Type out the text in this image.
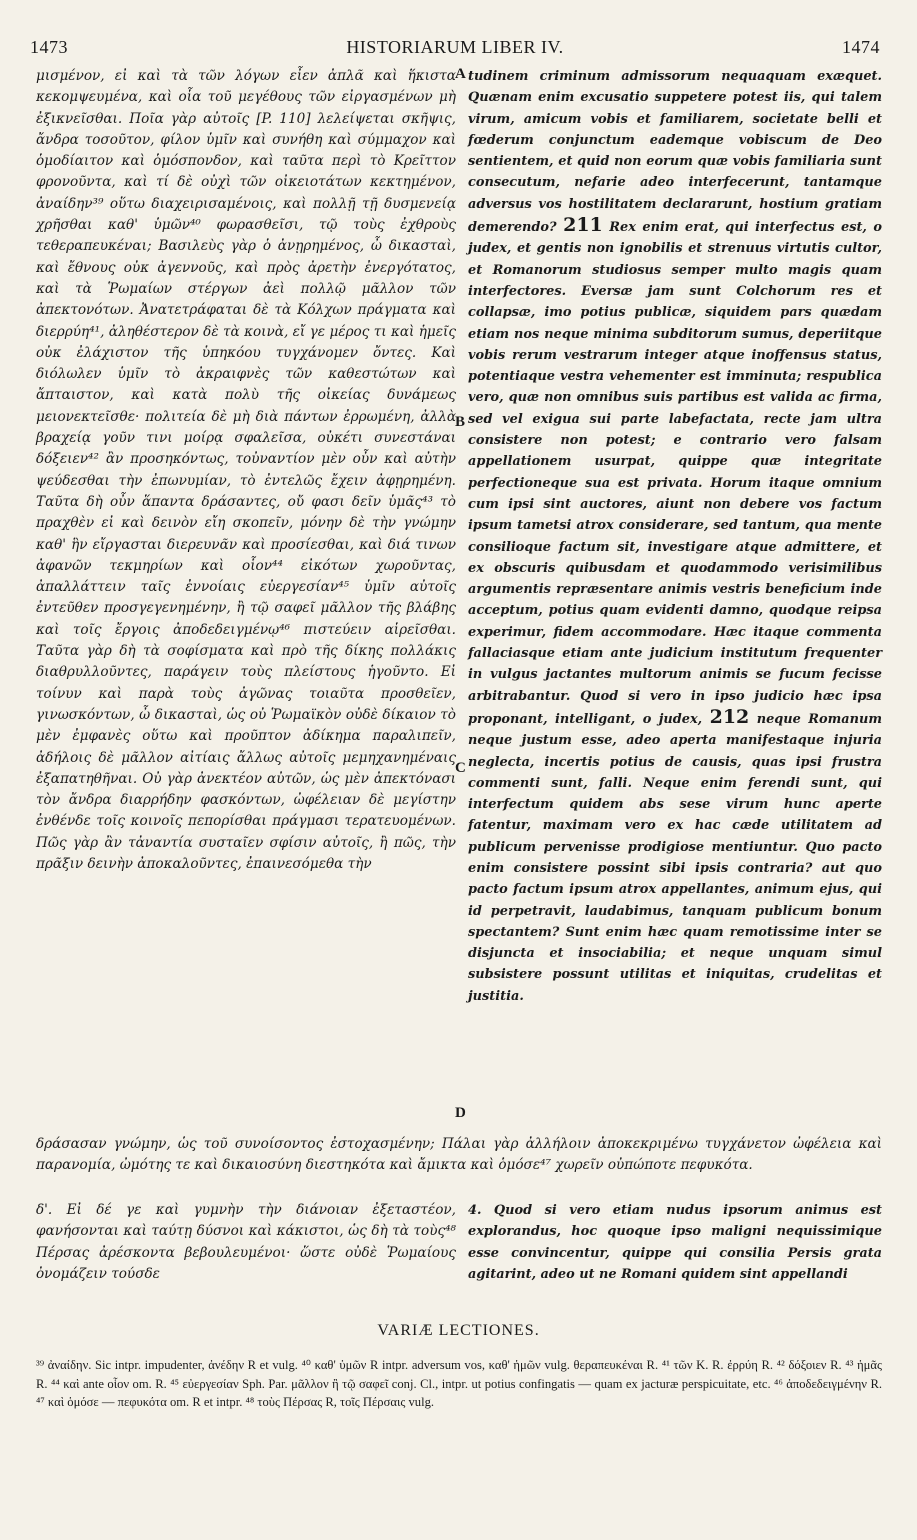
1473	HISTORIARUM LIBER IV.	1474
A
B
C
D

μισμένον, εἰ καὶ τὰ τῶν λόγων εἶεν ἀπλᾶ καὶ ἥκιστα κεκομψευμένα, καὶ οἷα τοῦ μεγέθους τῶν εἰργασμένων μὴ ἐξικνεῖσθαι. Ποῖα γὰρ αὐτοῖς [P. 110] λελείψεται σκῆψις, ἄνδρα τοσοῦτον, φίλον ὑμῖν καὶ συνήθη καὶ σύμμαχον καὶ ὁμοδίαιτον καὶ ὁμόσπονδον, καὶ ταῦτα περὶ τὸ Κρεῖττον φρονοῦντα, καὶ τί δὲ οὐχὶ τῶν οἰκειοτάτων κεκτημένον, ἀναίδην³⁹ οὕτω διαχειρισαμένοις, καὶ πολλῇ τῇ δυσμενείᾳ χρῆσθαι καθ' ὑμῶν⁴⁰ φωρασθεῖσι, τῷ τοὺς ἐχθροὺς τεθεραπευκέναι; Βασιλεὺς γὰρ ὁ ἀνῃρημένος, ὦ δικασταὶ, καὶ ἔθνους οὐκ ἀγεννοῦς, καὶ πρὸς ἀρετὴν ἐνεργότατος, καὶ τὰ Ῥωμαίων στέργων ἀεὶ πολλῷ μᾶλλον τῶν ἀπεκτονότων. Ἀνατετράφαται δὲ τὰ Κόλχων πράγματα καὶ διερρύη⁴¹, ἀληθέστερον δὲ τὰ κοινὰ, εἴ γε μέρος τι καὶ ἡμεῖς οὐκ ἐλάχιστον τῆς ὑπηκόου τυγχάνομεν ὄντες. Καὶ διόλωλεν ὑμῖν τὸ ἀκραιφνὲς τῶν καθεστώτων καὶ ἄπταιστον, καὶ κατὰ πολὺ τῆς οἰκείας δυνάμεως μειονεκτεῖσθε· πολιτεία δὲ μὴ διὰ πάντων ἐρρωμένη, ἀλλὰ βραχείᾳ γοῦν τινι μοίρᾳ σφαλεῖσα, οὐκέτι συνεστάναι δόξειεν⁴² ἂν προσηκόντως, τοὐναντίον μὲν οὖν καὶ αὐτὴν ψεύδεσθαι τὴν ἐπωνυμίαν, τὸ ἐντελῶς ἔχειν ἀφῃρημένη. Ταῦτα δὴ οὖν ἅπαντα δράσαντες, οὔ φασι δεῖν ὑμᾶς⁴³ τὸ πραχθὲν εἰ καὶ δεινὸν εἴη σκοπεῖν, μόνην δὲ τὴν γνώμην καθ' ἣν εἴργασται διερευνᾶν καὶ προσίεσθαι, καὶ διά τινων ἀφανῶν τεκμηρίων καὶ οἷον⁴⁴ εἰκότων χωροῦντας, ἀπαλλάττειν ταῖς ἐννοίαις εὐεργεσίαν⁴⁵ ὑμῖν αὐτοῖς ἐντεῦθεν προσγεγενημένην, ἢ τῷ σαφεῖ μᾶλλον τῆς βλάβης καὶ τοῖς ἔργοις ἀποδεδειγμένῳ⁴⁶ πιστεύειν αἱρεῖσθαι. Ταῦτα γὰρ δὴ τὰ σοφίσματα καὶ πρὸ τῆς δίκης πολλάκις διαθρυλλοῦντες, παράγειν τοὺς πλείστους ἡγοῦντο. Εἰ τοίνυν καὶ παρὰ τοὺς ἀγῶνας τοιαῦτα προσθεῖεν, γινωσκόντων, ὦ δικασταὶ, ὡς οὐ Ῥωμαϊκὸν οὐδὲ δίκαιον τὸ μὲν ἐμφανὲς οὕτω καὶ προῦπτον ἀδίκημα παραλιπεῖν, ἀδήλοις δὲ μᾶλλον αἰτίαις ἄλλως αὐτοῖς μεμηχανημέναις ἐξαπατηθῆναι. Οὐ γὰρ ἀνεκτέον αὐτῶν, ὡς μὲν ἀπεκτόνασι τὸν ἄνδρα διαρρήδην φασκόντων, ὠφέλειαν δὲ μεγίστην ἐνθένδε τοῖς κοινοῖς πεπορίσθαι πράγμασι τερατευομένων. Πῶς γὰρ ἂν τἀναντία συσταῖεν σφίσιν αὐτοῖς, ἢ πῶς, τὴν πρᾶξιν δεινὴν ἀποκαλοῦντες, ἐπαινεσόμεθα τὴν

tudinem criminum admissorum nequaquam exæquet. Quænam enim excusatio suppetere potest iis, qui talem virum, amicum vobis et familiarem, societate belli et fœderum conjunctum eademque vobiscum de Deo sentientem, et quid non eorum quæ vobis familiaria sunt consecutum, nefarie adeo interfecerunt, tantamque adversus vos hostilitatem declararunt, hostium gratiam demerendo? 211 Rex enim erat, qui interfectus est, o judex, et gentis non ignobilis et strenuus virtutis cultor, et Romanorum studiosus semper multo magis quam interfectores. Eversæ jam sunt Colchorum res et collapsæ, imo potius publicæ, siquidem pars quædam etiam nos neque minima subditorum sumus, deperiitque vobis rerum vestrarum integer atque inoffensus status, potentiaque vestra vehementer est imminuta; respublica vero, quæ non omnibus suis partibus est valida ac firma, sed vel exigua sui parte labefactata, recte jam ultra consistere non potest; e contrario vero falsam appellationem usurpat, quippe quæ integritate perfectioneque sua est privata. Horum itaque omnium cum ipsi sint auctores, aiunt non debere vos factum ipsum tametsi atrox considerare, sed tantum, qua mente consilioque factum sit, investigare atque admittere, et ex obscuris quibusdam et quodammodo verisimilibus argumentis repræsentare animis vestris beneficium inde acceptum, potius quam evidenti damno, quodque reipsa experimur, fidem accommodare. Hæc itaque commenta fallaciasque etiam ante judicium institutum frequenter in vulgus jactantes multorum animis se fucum fecisse arbitrabantur. Quod si vero in ipso judicio hæc ipsa proponant, intelligant, o judex, 212 neque Romanum neque justum esse, adeo aperta manifestaque injuria neglecta, incertis potius de causis, quas ipsi frustra commenti sunt, falli. Neque enim ferendi sunt, qui interfectum quidem abs sese virum hunc aperte fatentur, maximam vero ex hac cæde utilitatem ad publicum pervenisse prodigiose mentiuntur. Quo pacto enim consistere possint sibi ipsis contraria? aut quo pacto factum ipsum atrox appellantes, animum ejus, qui id perpetravit, laudabimus, tanquam publicum bonum spectantem? Sunt enim hæc quam remotissime inter se disjuncta et insociabilia; et neque unquam simul subsistere possunt utilitas et iniquitas, crudelitas et justitia.

δράσασαν γνώμην, ὡς τοῦ συνοίσοντος ἐστοχασμένην; Πάλαι γὰρ ἀλλήλοιν ἀποκεκριμένω τυγχάνετον ὠφέλεια καὶ παρανομία, ὠμότης τε καὶ δικαιοσύνη διεστηκότα καὶ ἄμικτα καὶ ὁμόσε⁴⁷ χωρεῖν οὐπώποτε πεφυκότα.

δ'. Εἰ δέ γε καὶ γυμνὴν τὴν διάνοιαν ἐξεταστέον, φανήσονται καὶ ταύτῃ δύσνοι καὶ κάκιστοι, ὡς δὴ τὰ τοὺς⁴⁸ Πέρσας ἀρέσκοντα βεβουλευμένοι· ὥστε οὐδὲ Ῥωμαίους ὀνομάζειν τούσδε

4. Quod si vero etiam nudus ipsorum animus est explorandus, hoc quoque ipso maligni nequissimique esse convincentur, quippe qui consilia Persis grata agitarint, adeo ut ne Romani quidem sint appellandi

VARIÆ LECTIONES.

³⁹ ἀναίδην. Sic intpr. impudenter, ἀνέδην R et vulg. ⁴⁰ καθ' ὑμῶν R intpr. adversum vos, καθ' ἡμῶν vulg. θεραπευκέναι R. ⁴¹ τῶν K. R. ἐρρύη R. ⁴² δόξοιεν R. ⁴³ ἡμᾶς R. ⁴⁴ καὶ ante οἷον om. R. ⁴⁵ εὐεργεσίαν Sph. Par. μᾶλλον ἢ τῷ σαφεῖ conj. Cl., intpr. ut potius confingatis — quam ex jacturæ perspicuitate, etc. ⁴⁶ ἀποδεδειγμένην R. ⁴⁷ καὶ ὁμόσε — πεφυκότα om. R et intpr. ⁴⁸ τοὺς Πέρσας R, τοῖς Πέρσαις vulg.
